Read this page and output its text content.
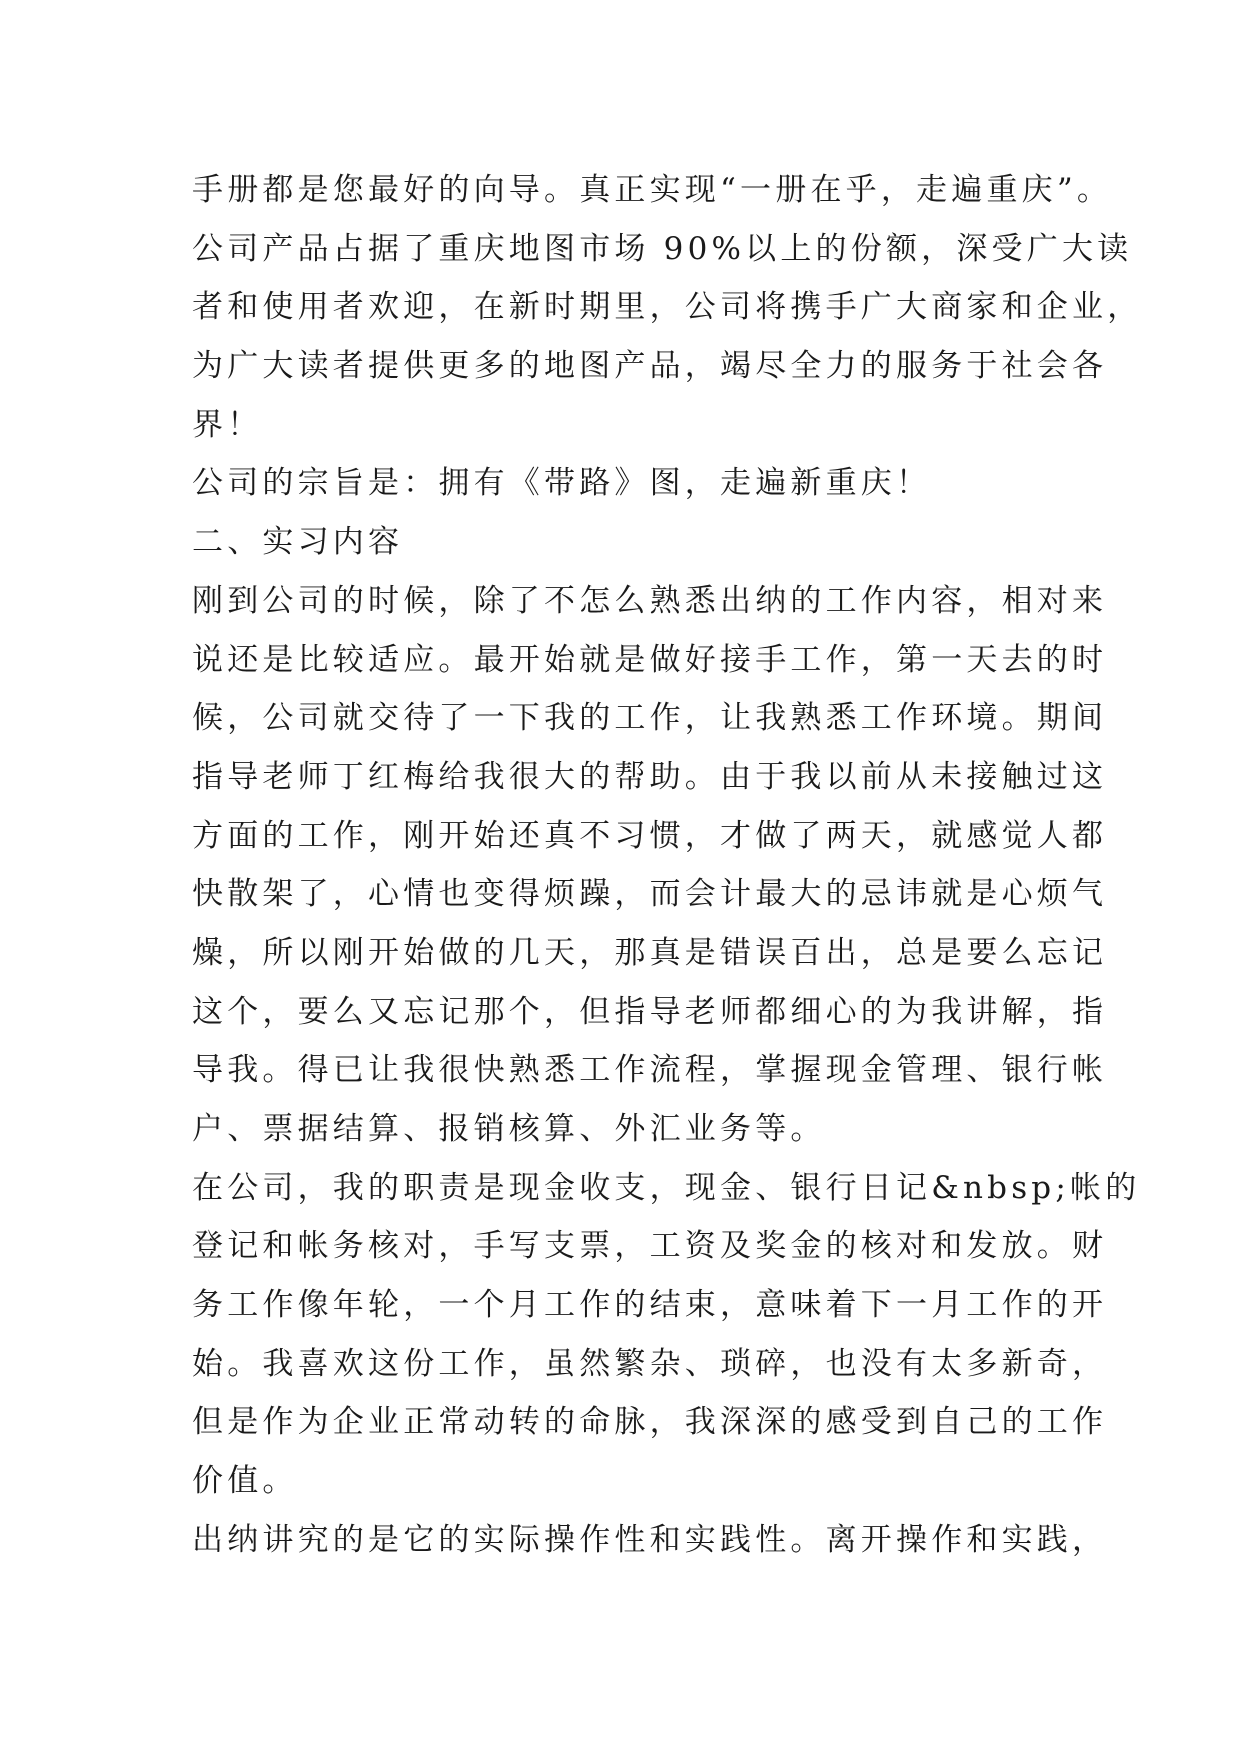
手册都是您最好的向导。真正实现“一册在乎，走遍重庆”。
公司产品占据了重庆地图市场 90%以上的份额，深受广大读
者和使用者欢迎，在新时期里，公司将携手广大商家和企业，
为广大读者提供更多的地图产品，竭尽全力的服务于社会各
界！
公司的宗旨是：拥有《带路》图，走遍新重庆！
二、实习内容
刚到公司的时候，除了不怎么熟悉出纳的工作内容，相对来
说还是比较适应。最开始就是做好接手工作，第一天去的时
候，公司就交待了一下我的工作，让我熟悉工作环境。期间
指导老师丁红梅给我很大的帮助。由于我以前从未接触过这
方面的工作，刚开始还真不习惯，才做了两天，就感觉人都
快散架了，心情也变得烦躁，而会计最大的忌讳就是心烦气
燥，所以刚开始做的几天，那真是错误百出，总是要么忘记
这个，要么又忘记那个，但指导老师都细心的为我讲解，指
导我。得已让我很快熟悉工作流程，掌握现金管理、银行帐
户、票据结算、报销核算、外汇业务等。
在公司，我的职责是现金收支，现金、银行日记&nbsp;帐的
登记和帐务核对，手写支票，工资及奖金的核对和发放。财
务工作像年轮，一个月工作的结束，意味着下一月工作的开
始。我喜欢这份工作，虽然繁杂、琐碎，也没有太多新奇，
但是作为企业正常动转的命脉，我深深的感受到自己的工作
价值。
出纳讲究的是它的实际操作性和实践性。离开操作和实践，
